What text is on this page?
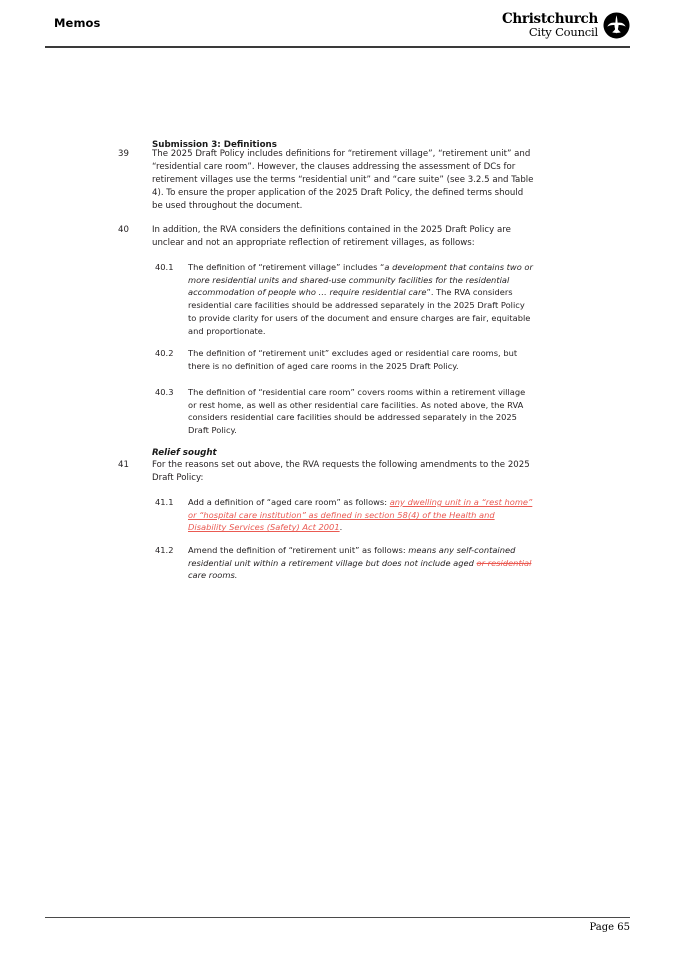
Memos	Christchurch
City Council
Submission 3: Definitions

39	The 2025 Draft Policy includes definitions for “retirement village”, “retirement unit” and “residential care room”. However, the clauses addressing the assessment of DCs for retirement villages use the terms “residential unit” and “care suite” (see 3.2.5 and Table 4). To ensure the proper application of the 2025 Draft Policy, the defined terms should be used throughout the document.

40	In addition, the RVA considers the definitions contained in the 2025 Draft Policy are unclear and not an appropriate reflection of retirement villages, as follows:

40.1	The definition of “retirement village” includes “a development that contains two or more residential units and shared-use community facilities for the residential accommodation of people who … require residential care”. The RVA considers residential care facilities should be addressed separately in the 2025 Draft Policy to provide clarity for users of the document and ensure charges are fair, equitable and proportionate.

40.2	The definition of “retirement unit” excludes aged or residential care rooms, but there is no definition of aged care rooms in the 2025 Draft Policy.

40.3	The definition of “residential care room” covers rooms within a retirement village or rest home, as well as other residential care facilities. As noted above, the RVA considers residential care facilities should be addressed separately in the 2025 Draft Policy.

Relief sought

41	For the reasons set out above, the RVA requests the following amendments to the 2025 Draft Policy:

41.1	Add a definition of “aged care room” as follows: any dwelling unit in a “rest home” or “hospital care institution” as defined in section 58(4) of the Health and Disability Services (Safety) Act 2001.

41.2	Amend the definition of “retirement unit” as follows: means any self-contained residential unit within a retirement village but does not include aged or residential care rooms.

Page 65
